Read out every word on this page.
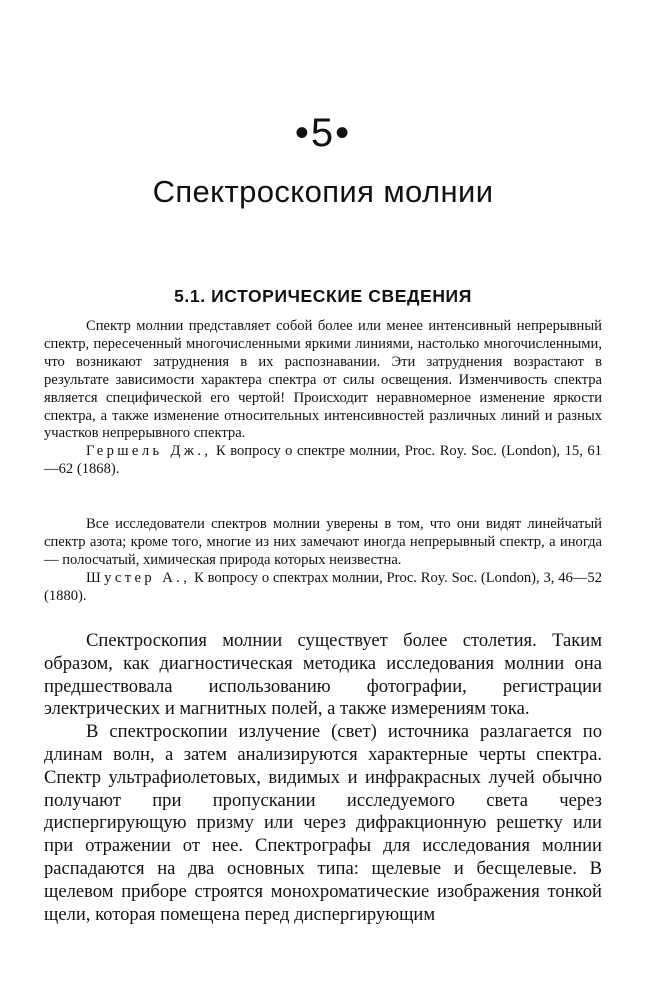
•5•
Спектроскопия молнии
5.1. ИСТОРИЧЕСКИЕ СВЕДЕНИЯ

Спектр молнии представляет собой более или менее интенсивный непрерывный спектр, пересеченный многочисленными яркими линиями, настолько многочисленными, что возникают затруднения в их распознавании. Эти затруднения возрастают в результате зависимости характера спектра от силы освещения. Изменчивость спектра является специфической его чертой! Происходит неравномерное изменение яркости спектра, а также изменение относительных интенсивностей различных линий и разных участков непрерывного спектра.

Гершель Дж., К вопросу о спектре молнии, Proc. Roy. Soc. (London), 15, 61—62 (1868).

Все исследователи спектров молнии уверены в том, что они видят линейчатый спектр азота; кроме того, многие из них замечают иногда непрерывный спектр, а иногда — полосчатый, химическая природа которых неизвестна.

Шустер А., К вопросу о спектрах молнии, Proc. Roy. Soc. (London), 3, 46—52 (1880).

Спектроскопия молнии существует более столетия. Таким образом, как диагностическая методика исследования молнии она предшествовала использованию фотографии, регистрации электрических и магнитных полей, а также измерениям тока.

В спектроскопии излучение (свет) источника разлагается по длинам волн, а затем анализируются характерные черты спектра. Спектр ультрафиолетовых, видимых и инфракрасных лучей обычно получают при пропускании исследуемого света через диспергирующую призму или через дифракционную решетку или при отражении от нее. Спектрографы для исследования молнии распадаются на два основных типа: щелевые и бесщелевые. В щелевом приборе строятся монохроматические изображения тонкой щели, которая помещена перед диспергирующим
